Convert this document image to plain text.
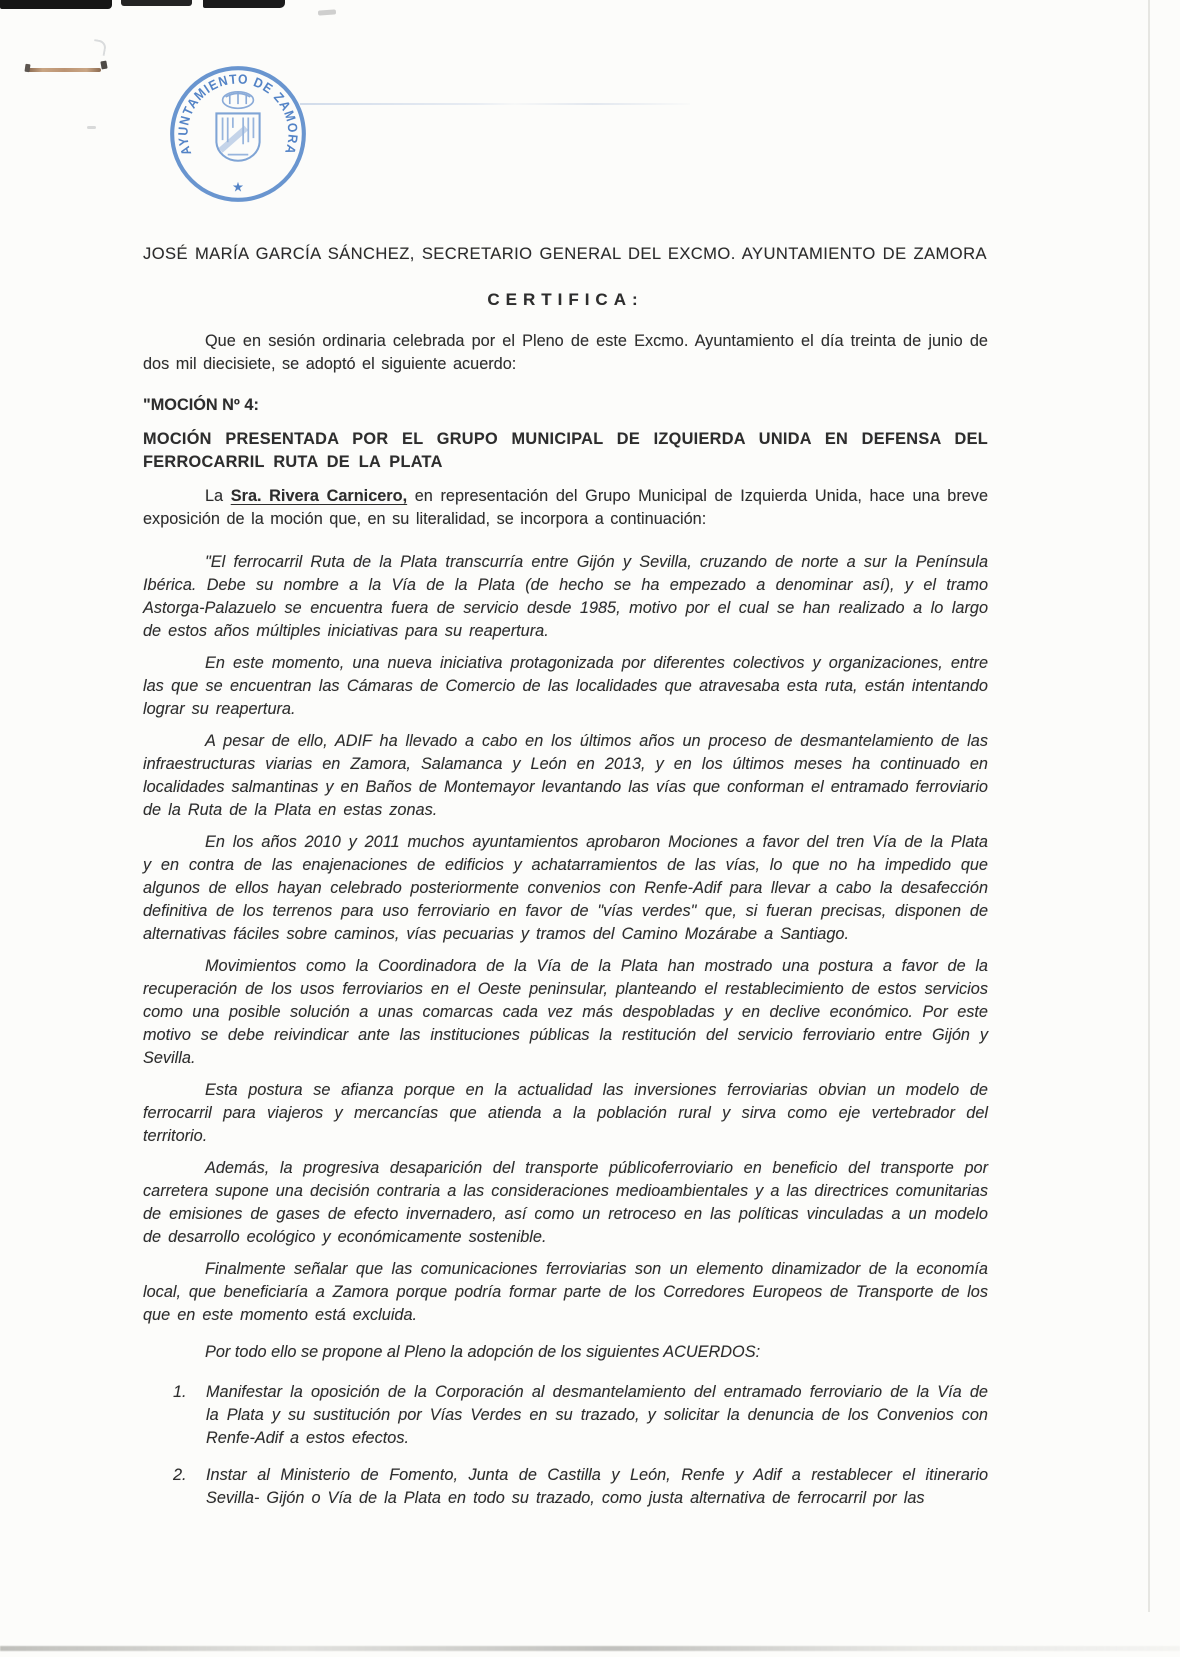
AYUNTAMIENTO DE ZAMORA
★
JOSÉ MARÍA GARCÍA SÁNCHEZ, SECRETARIO GENERAL DEL EXCMO. AYUNTAMIENTO DE ZAMORA
CERTIFICA:
Que en sesión ordinaria celebrada por el Pleno de este Excmo. Ayuntamiento el día treinta de junio de dos mil diecisiete, se adoptó el siguiente acuerdo:
"MOCIÓN Nº 4:
MOCIÓN PRESENTADA POR EL GRUPO MUNICIPAL DE IZQUIERDA UNIDA EN DEFENSA DEL FERROCARRIL RUTA DE LA PLATA
La Sra. Rivera Carnicero, en representación del Grupo Municipal de Izquierda Unida, hace una breve exposición de la moción que, en su literalidad, se incorpora a continuación:
"El ferrocarril Ruta de la Plata transcurría entre Gijón y Sevilla, cruzando de norte a sur la Península Ibérica. Debe su nombre a la Vía de la Plata (de hecho se ha empezado a denominar así), y el tramo Astorga-Palazuelo se encuentra fuera de servicio desde 1985, motivo por el cual se han realizado a lo largo de estos años múltiples iniciativas para su reapertura.
En este momento, una nueva iniciativa protagonizada por diferentes colectivos y organizaciones, entre las que se encuentran las Cámaras de Comercio de las localidades que atravesaba esta ruta, están intentando lograr su reapertura.
A pesar de ello, ADIF ha llevado a cabo en los últimos años un proceso de desmantelamiento de las infraestructuras viarias en Zamora, Salamanca y León en 2013, y en los últimos meses ha continuado en localidades salmantinas y en Baños de Montemayor levantando las vías que conforman el entramado ferroviario de la Ruta de la Plata en estas zonas.
En los años 2010 y 2011 muchos ayuntamientos aprobaron Mociones a favor del tren Vía de la Plata y en contra de las enajenaciones de edificios y achatarramientos de las vías, lo que no ha impedido que algunos de ellos hayan celebrado posteriormente convenios con Renfe-Adif para llevar a cabo la desafección definitiva de los terrenos para uso ferroviario en favor de "vías verdes" que, si fueran precisas, disponen de alternativas fáciles sobre caminos, vías pecuarias y tramos del Camino Mozárabe a Santiago.
Movimientos como la Coordinadora de la Vía de la Plata han mostrado una postura a favor de la recuperación de los usos ferroviarios en el Oeste peninsular, planteando el restablecimiento de estos servicios como una posible solución a unas comarcas cada vez más despobladas y en declive económico. Por este motivo se debe reivindicar ante las instituciones públicas la restitución del servicio ferroviario entre Gijón y Sevilla.
Esta postura se afianza porque en la actualidad las inversiones ferroviarias obvian un modelo de ferrocarril para viajeros y mercancías que atienda a la población rural y sirva como eje vertebrador del territorio.
Además, la progresiva desaparición del transporte públicoferroviario en beneficio del transporte por carretera supone una decisión contraria a las consideraciones medioambientales y a las directrices comunitarias de emisiones de gases de efecto invernadero, así como un retroceso en las políticas vinculadas a un modelo de desarrollo ecológico y económicamente sostenible.
Finalmente señalar que las comunicaciones ferroviarias son un elemento dinamizador de la economía local, que beneficiaría a Zamora porque podría formar parte de los Corredores Europeos de Transporte de los que en este momento está excluida.
Por todo ello se propone al Pleno la adopción de los siguientes ACUERDOS:
1.	Manifestar la oposición de la Corporación al desmantelamiento del entramado ferroviario de la Vía de la Plata y su sustitución por Vías Verdes en su trazado, y solicitar la denuncia de los Convenios con Renfe-Adif a estos efectos.
2.	Instar al Ministerio de Fomento, Junta de Castilla y León, Renfe y Adif a restablecer el itinerario Sevilla- Gijón o Vía de la Plata en todo su trazado, como justa alternativa de ferrocarril por las
